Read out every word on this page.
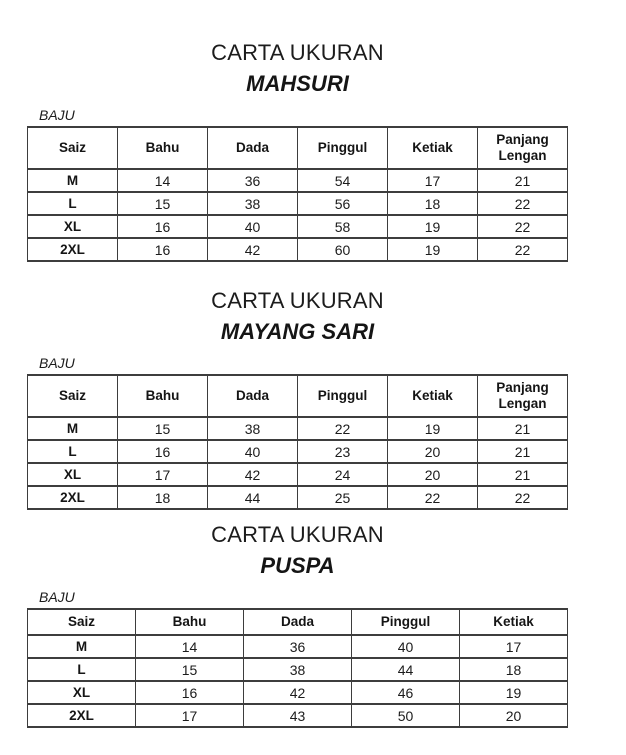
CARTA UKURAN
MAHSURI
BAJU
Saiz	Bahu	Dada	Pinggul	Ketiak	Panjang Lengan
M	14	36	54	17	21
L	15	38	56	18	22
XL	16	40	58	19	22
2XL	16	42	60	19	22
CARTA UKURAN
MAYANG SARI
BAJU
Saiz	Bahu	Dada	Pinggul	Ketiak	Panjang Lengan
M	15	38	22	19	21
L	16	40	23	20	21
XL	17	42	24	20	21
2XL	18	44	25	22	22
CARTA UKURAN
PUSPA
BAJU
Saiz	Bahu	Dada	Pinggul	Ketiak
M	14	36	40	17
L	15	38	44	18
XL	16	42	46	19
2XL	17	43	50	20
